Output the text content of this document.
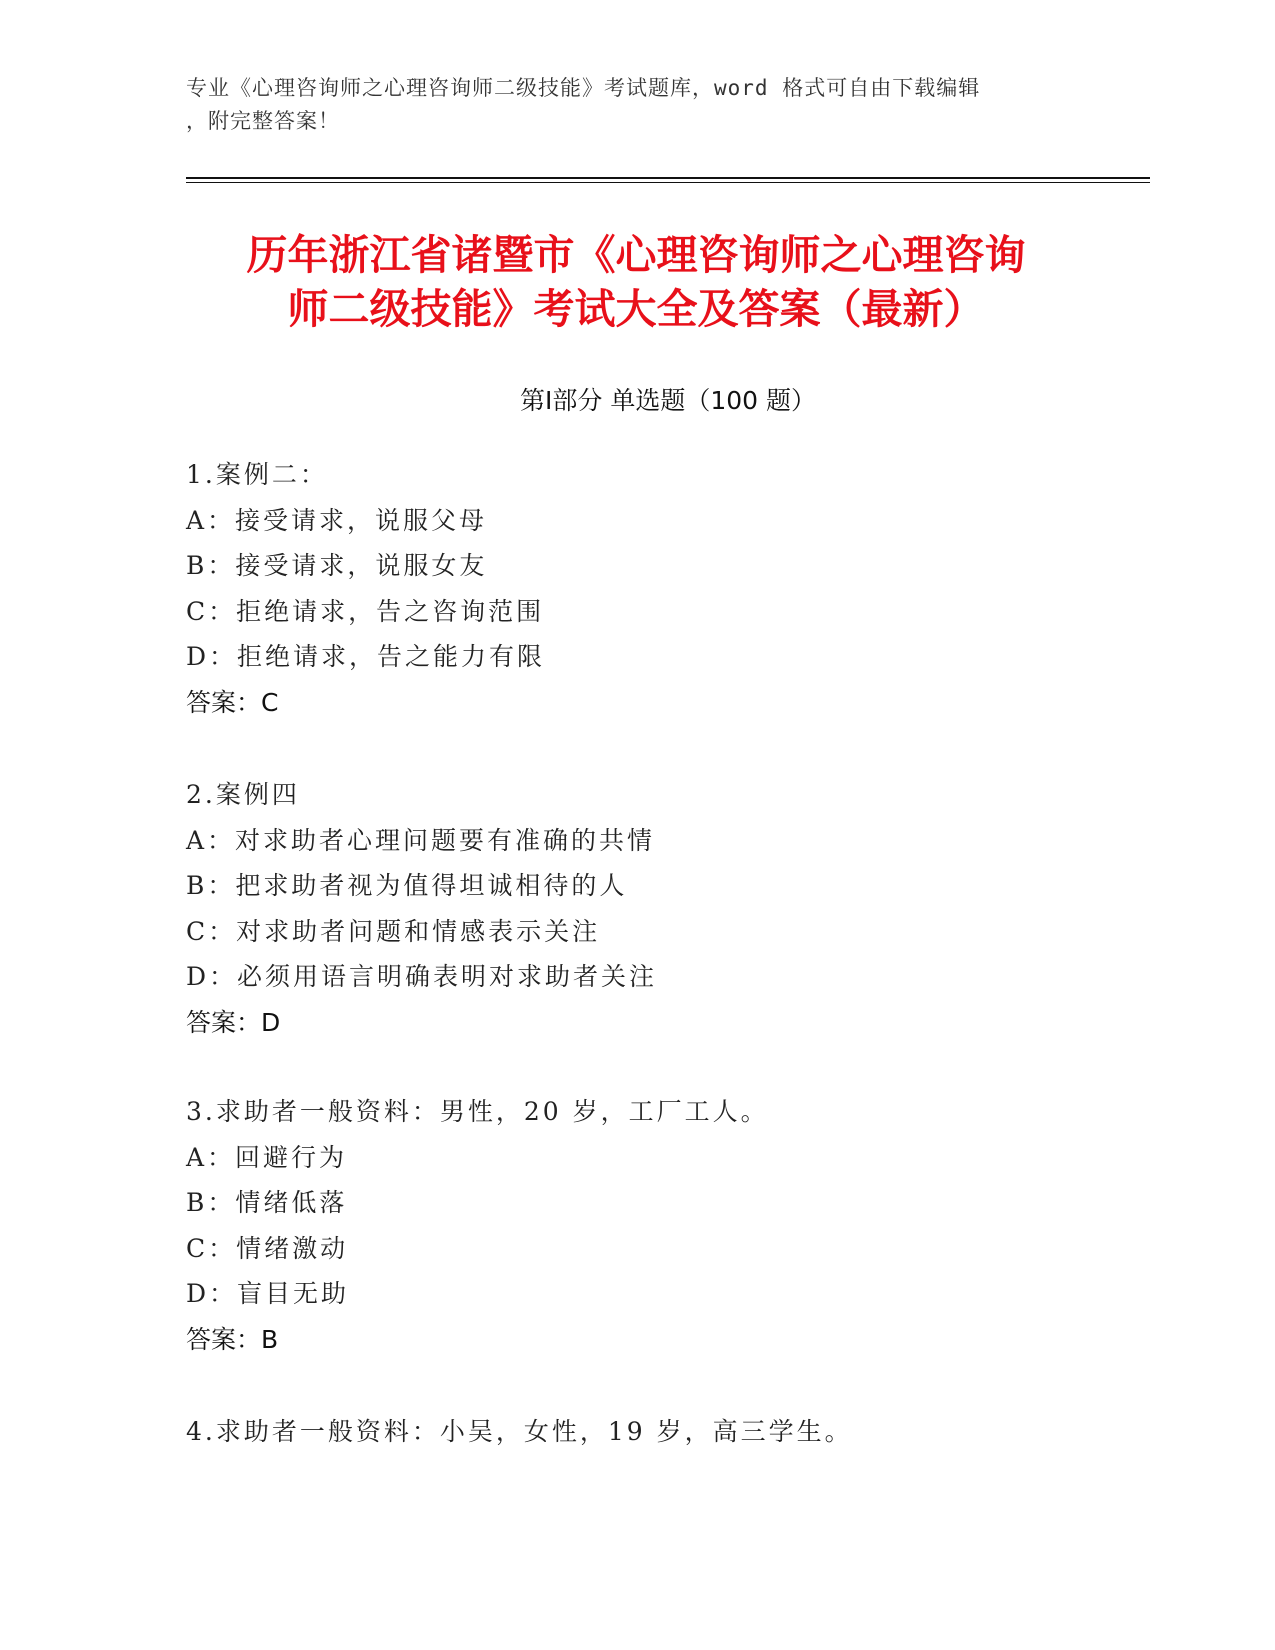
专业《心理咨询师之心理咨询师二级技能》考试题库，word 格式可自由下载编辑
，附完整答案！
历年浙江省诸暨市《心理咨询师之心理咨询
师二级技能》考试大全及答案（最新）
第Ⅰ部分 单选题（100 题）
1.案例二：
A：接受请求，说服父母
B：接受请求，说服女友
C：拒绝请求，告之咨询范围
D：拒绝请求，告之能力有限
答案：C
2.案例四
A：对求助者心理问题要有准确的共情
B：把求助者视为值得坦诚相待的人
C：对求助者问题和情感表示关注
D：必须用语言明确表明对求助者关注
答案：D
3.求助者一般资料：男性，20 岁，工厂工人。
A：回避行为
B：情绪低落
C：情绪激动
D：盲目无助
答案：B
4.求助者一般资料：小吴，女性，19 岁，高三学生。
